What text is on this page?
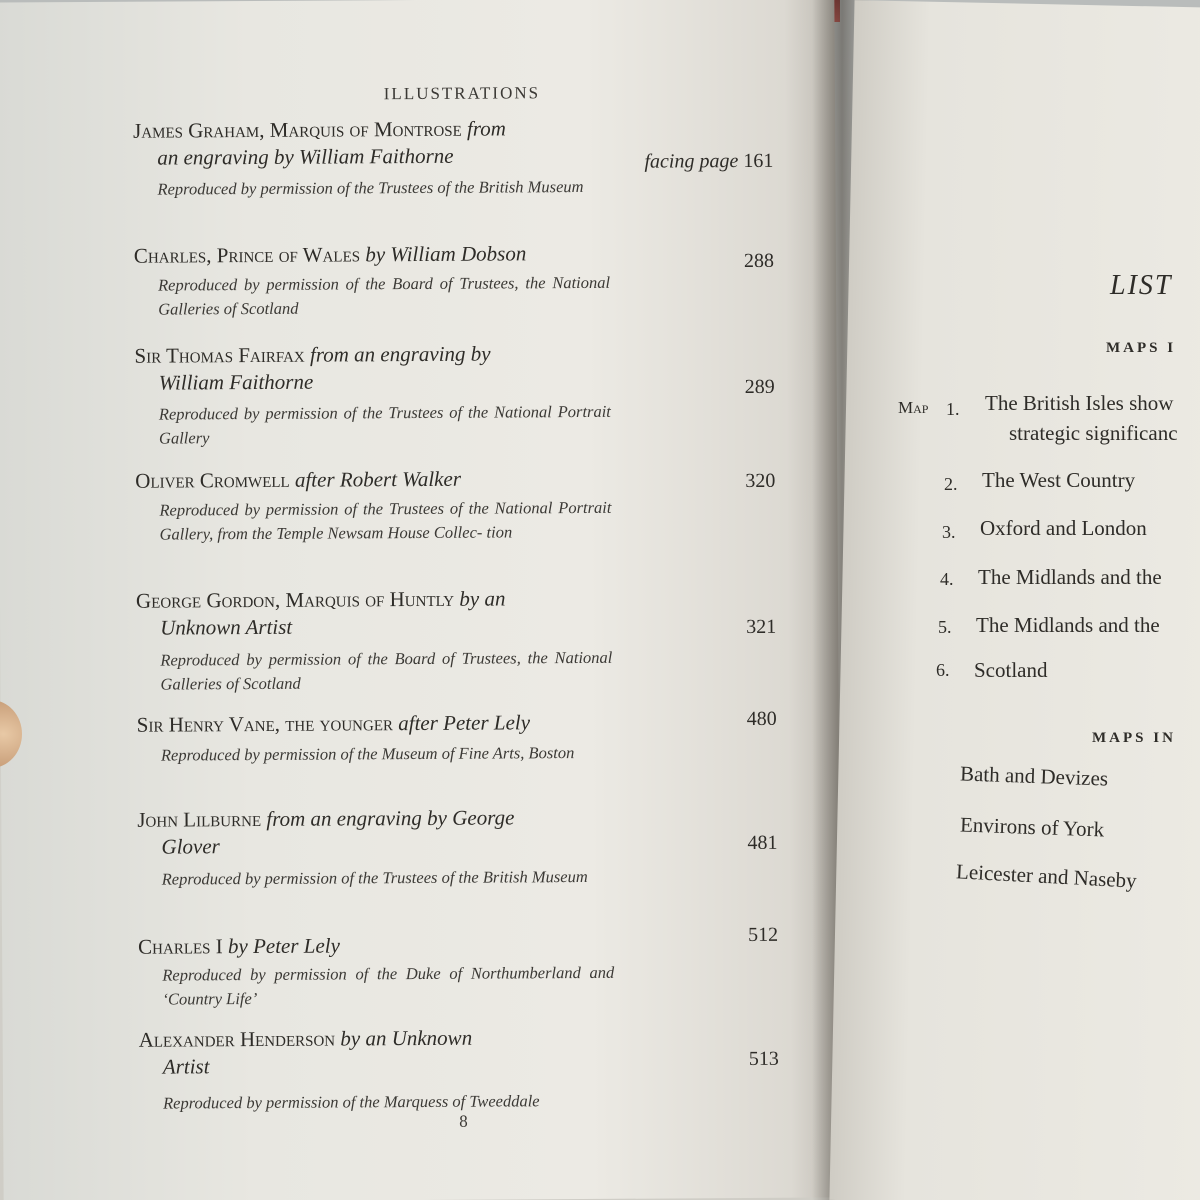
ILLUSTRATIONS
James Graham, Marquis of Montrose from
an engraving by William Faithorne	facing page 161
Reproduced by permission of the Trustees of the British Museum
Charles, Prince of Wales by William Dobson	288
Reproduced by permission of the Board of Trustees, the National Galleries of Scotland
Sir Thomas Fairfax from an engraving by
William Faithorne	289
Reproduced by permission of the Trustees of the National Portrait Gallery
Oliver Cromwell after Robert Walker	320
Reproduced by permission of the Trustees of the National Portrait Gallery, from the Temple Newsam House Collec- tion
George Gordon, Marquis of Huntly by an
Unknown Artist	321
Reproduced by permission of the Board of Trustees, the National Galleries of Scotland
Sir Henry Vane, the younger after Peter Lely	480
Reproduced by permission of the Museum of Fine Arts, Boston
John Lilburne from an engraving by George
Glover	481
Reproduced by permission of the Trustees of the British Museum
Charles I by Peter Lely	512
Reproduced by permission of the Duke of Northumberland and ‘Country Life’
Alexander Henderson by an Unknown
Artist	513
Reproduced by permission of the Marquess of Tweeddale
8
LIST
MAPS I
Map 1. The British Isles show
strategic significanc
2. The West Country
3. Oxford and London
4. The Midlands and the
5. The Midlands and the
6. Scotland
MAPS IN
Bath and Devizes
Environs of York
Leicester and Naseby
